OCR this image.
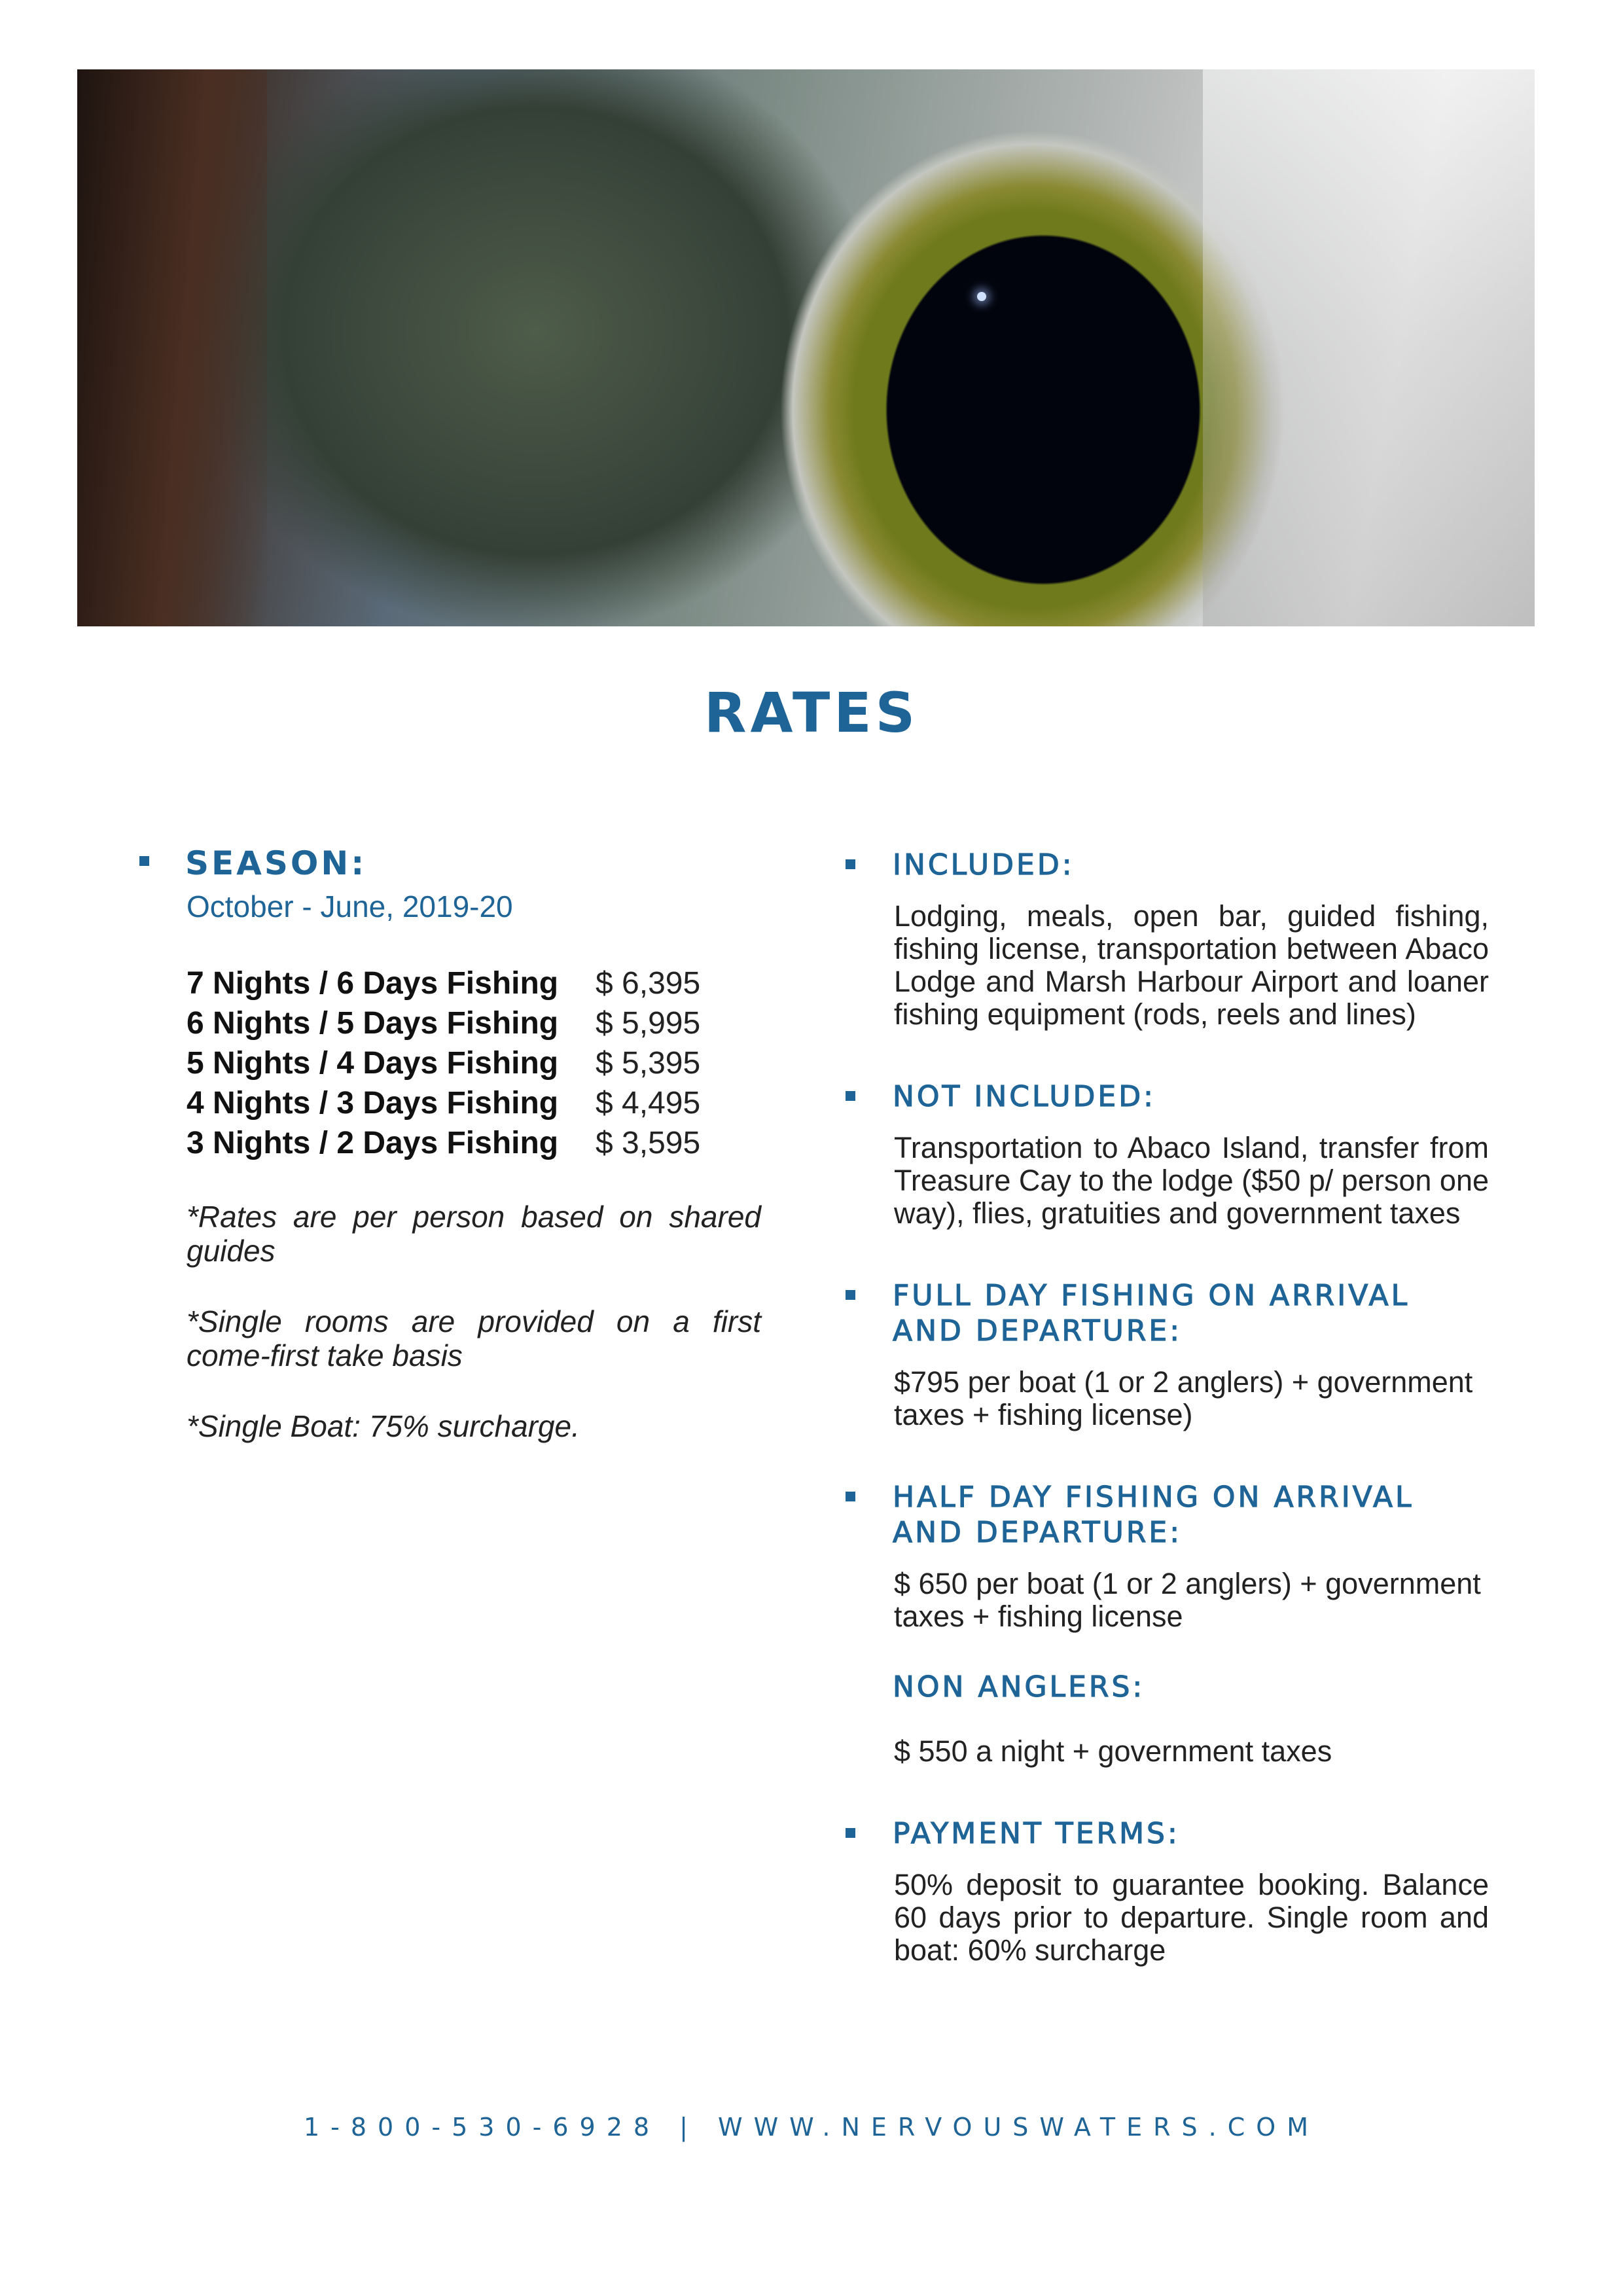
RATES
SEASON:
October - June, 2019-20
7 Nights / 6 Days Fishing	$ 6,395
6 Nights / 5 Days Fishing	$ 5,995
5 Nights / 4 Days Fishing	$ 5,395
4 Nights / 3 Days Fishing	$ 4,495
3 Nights / 2 Days Fishing	$ 3,595
*Rates are per person based on shared guides
*Single rooms are provided on a first come-first take basis
*Single Boat: 75% surcharge.
INCLUDED:
Lodging, meals, open bar, guided fishing, fishing license, transportation between Abaco Lodge and Marsh Harbour Airport and loaner fishing equipment (rods, reels and lines)
NOT INCLUDED:
Transportation to Abaco Island, transfer from Treasure Cay to the lodge ($50 p/ person one way), flies, gratuities and government taxes
FULL DAY FISHING ON ARRIVAL AND DEPARTURE:
$795 per boat (1 or 2 anglers) + government taxes + fishing license)
HALF DAY FISHING ON ARRIVAL AND DEPARTURE:
$ 650 per boat (1 or 2 anglers) + government taxes + fishing license
NON ANGLERS:
$ 550 a night + government taxes
PAYMENT TERMS:
50% deposit to guarantee booking. Balance 60 days prior to departure. Single room and boat: 60% surcharge
1-800-530-6928 | WWW.NERVOUSWATERS.COM
